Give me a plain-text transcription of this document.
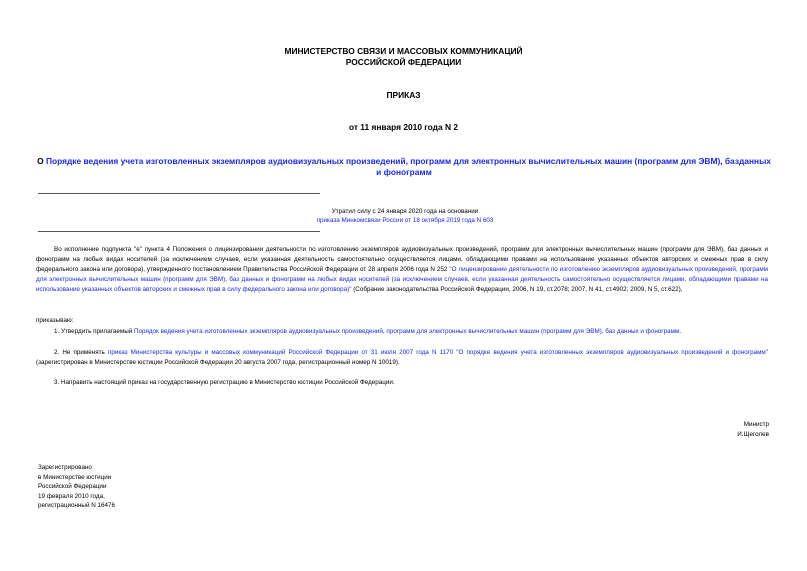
МИНИСТЕРСТВО СВЯЗИ И МАССОВЫХ КОММУНИКАЦИЙ
РОССИЙСКОЙ ФЕДЕРАЦИИ
ПРИКАЗ
от 11 января 2010 года N 2
О Порядке ведения учета изготовленных экземпляров аудиовизуальных произведений, программ для электронных вычислительных машин (программ для ЭВМ), базданных и фонограмм
Утратил силу с 24 января 2020 года на основании
приказа Минкомсвязи России от 18 октября 2019 года N 603
Во исполнение подпункта "е" пункта 4 Положения о лицензировании деятельности по изготовлению экземпляров аудиовизуальных произведений, программ для электронных вычислительных машин (программ для ЭВМ), баз данных и фонограмм на любых видах носителей (за исключением случаев, если указанная деятельность самостоятельно осуществляется лицами, обладающими правами на использование указанных объектов авторских и смежных прав в силу федерального закона или договора), утвержденного постановлением Правительства Российской Федерации от 28 апреля 2006 года N 252 "О лицензировании деятельности по изготовлению экземпляров аудиовизуальных произведений, программ для электронных вычислительных машин (программ для ЭВМ), баз данных и фонограмм на любых видах носителей (за исключением случаев, если указанная деятельность самостоятельно осуществляется лицами, обладающими правами на использование указанных объектов авторских и смежных прав в силу федерального закона или договора)" (Собрание законодательства Российской Федерации, 2006, N 19, ст.2078; 2007, N 41, ст.4902; 2009, N 5, ст.622),
приказываю:
1. Утвердить прилагаемый Порядок ведения учета изготовленных экземпляров аудиовизуальных произведений, программ для электронных вычислительных машин (программ для ЭВМ), баз данных и фонограмм.
2. Не применять приказ Министерства культуры и массовых коммуникаций Российской Федерации от 31 июля 2007 года N 1170 "О порядке ведения учета изготовленных экземпляров аудиовизуальных произведений и фонограмм" (зарегистрирован в Министерстве юстиции Российской Федерации 20 августа 2007 года, регистрационный номер N 10019).
3. Направить настоящий приказ на государственную регистрацию в Министерство юстиции Российской Федерации.
Министр
И.Щеголев
Зарегистрировано
в Министерстве юстиции
Российской Федерации
19 февраля 2010 года,
регистрационный N 16476
